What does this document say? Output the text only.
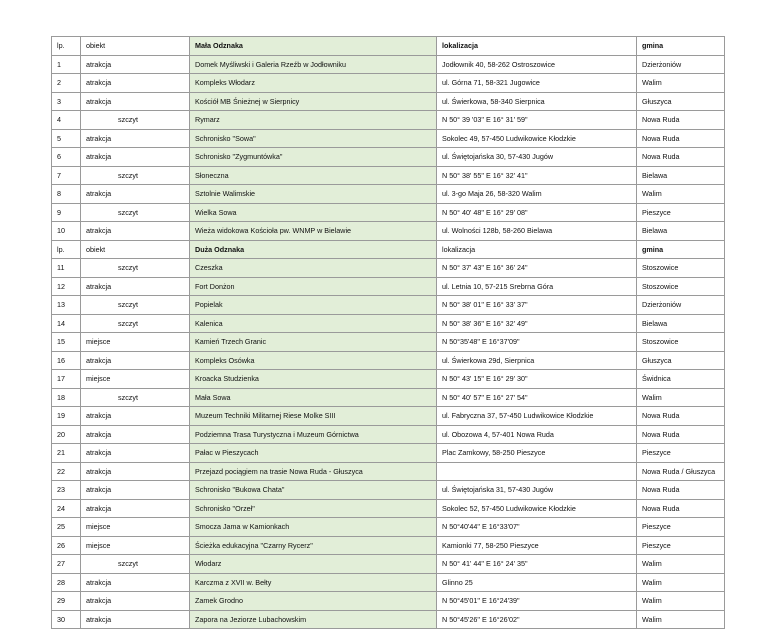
lp.	obiekt	Mała Odznaka	lokalizacja	gmina
1	atrakcja	Domek Myśliwski i Galeria Rzeźb w Jodłowniku	Jodłownik 40, 58-262 Ostroszowice	Dzierżoniów
2	atrakcja	Kompleks Włodarz	ul. Górna 71, 58-321 Jugowice	Walim
3	atrakcja	Kościół MB Śnieżnej w Sierpnicy	ul. Świerkowa, 58-340 Sierpnica	Głuszyca
4	szczyt	Rymarz	N 50° 39 '03" E 16° 31' 59"	Nowa Ruda
5	atrakcja	Schronisko "Sowa"	Sokolec 49, 57-450 Ludwikowice Kłodzkie	Nowa Ruda
6	atrakcja	Schronisko "Zygmuntówka"	ul. Świętojańska 30, 57-430 Jugów	Nowa Ruda
7	szczyt	Słoneczna	N 50° 38' 55" E 16° 32' 41"	Bielawa
8	atrakcja	Sztolnie Walimskie	ul. 3-go Maja 26, 58-320 Walim	Walim
9	szczyt	Wielka Sowa	N 50° 40' 48" E 16° 29' 08"	Pieszyce
10	atrakcja	Wieża widokowa Kościoła pw. WNMP w Bielawie	ul. Wolności 128b, 58-260 Bielawa	Bielawa
lp.	obiekt	Duża Odznaka	lokalizacja	gmina
11	szczyt	Czeszka	N 50° 37' 43" E 16° 36' 24"	Stoszowice
12	atrakcja	Fort Donżon	ul. Letnia 10, 57-215 Srebrna Góra	Stoszowice
13	szczyt	Popielak	N 50° 38' 01" E 16° 33' 37"	Dzierżoniów
14	szczyt	Kalenica	N 50° 38' 36" E 16° 32' 49"	Bielawa
15	miejsce	Kamień Trzech Granic	N 50°35'48" E 16°37'09"	Stoszowice
16	atrakcja	Kompleks Osówka	ul. Świerkowa 29d, Sierpnica	Głuszyca
17	miejsce	Kroacka Studzienka	N 50° 43' 15" E 16° 29' 30"	Świdnica
18	szczyt	Mała Sowa	N 50° 40' 57" E 16° 27' 54"	Walim
19	atrakcja	Muzeum Techniki Militarnej Riese Molke SIII	ul. Fabryczna 37, 57-450 Ludwikowice Kłodzkie	Nowa Ruda
20	atrakcja	Podziemna Trasa Turystyczna i Muzeum Górnictwa	ul. Obozowa 4, 57-401 Nowa Ruda	Nowa Ruda
21	atrakcja	Pałac w Pieszycach	Plac Zamkowy, 58-250 Pieszyce	Pieszyce
22	atrakcja	Przejazd pociągiem na trasie Nowa Ruda - Głuszyca		Nowa Ruda / Głuszyca
23	atrakcja	Schronisko "Bukowa Chata"	ul. Świętojańska 31, 57-430 Jugów	Nowa Ruda
24	atrakcja	Schronisko "Orzeł"	Sokolec 52, 57-450 Ludwikowice Kłodzkie	Nowa Ruda
25	miejsce	Smocza Jama w Kamionkach	N 50°40'44" E 16°33'07"	Pieszyce
26	miejsce	Ścieżka edukacyjna "Czarny Rycerz"	Kamionki 77, 58-250 Pieszyce	Pieszyce
27	szczyt	Włodarz	N 50° 41' 44" E 16° 24' 35"	Walim
28	atrakcja	Karczma z XVII w. Bełty	Glinno 25	Walim
29	atrakcja	Zamek Grodno	N 50°45'01" E 16°24'39"	Walim
30	atrakcja	Zapora na Jeziorze Lubachowskim	N 50°45'26" E 16°26'02"	Walim
